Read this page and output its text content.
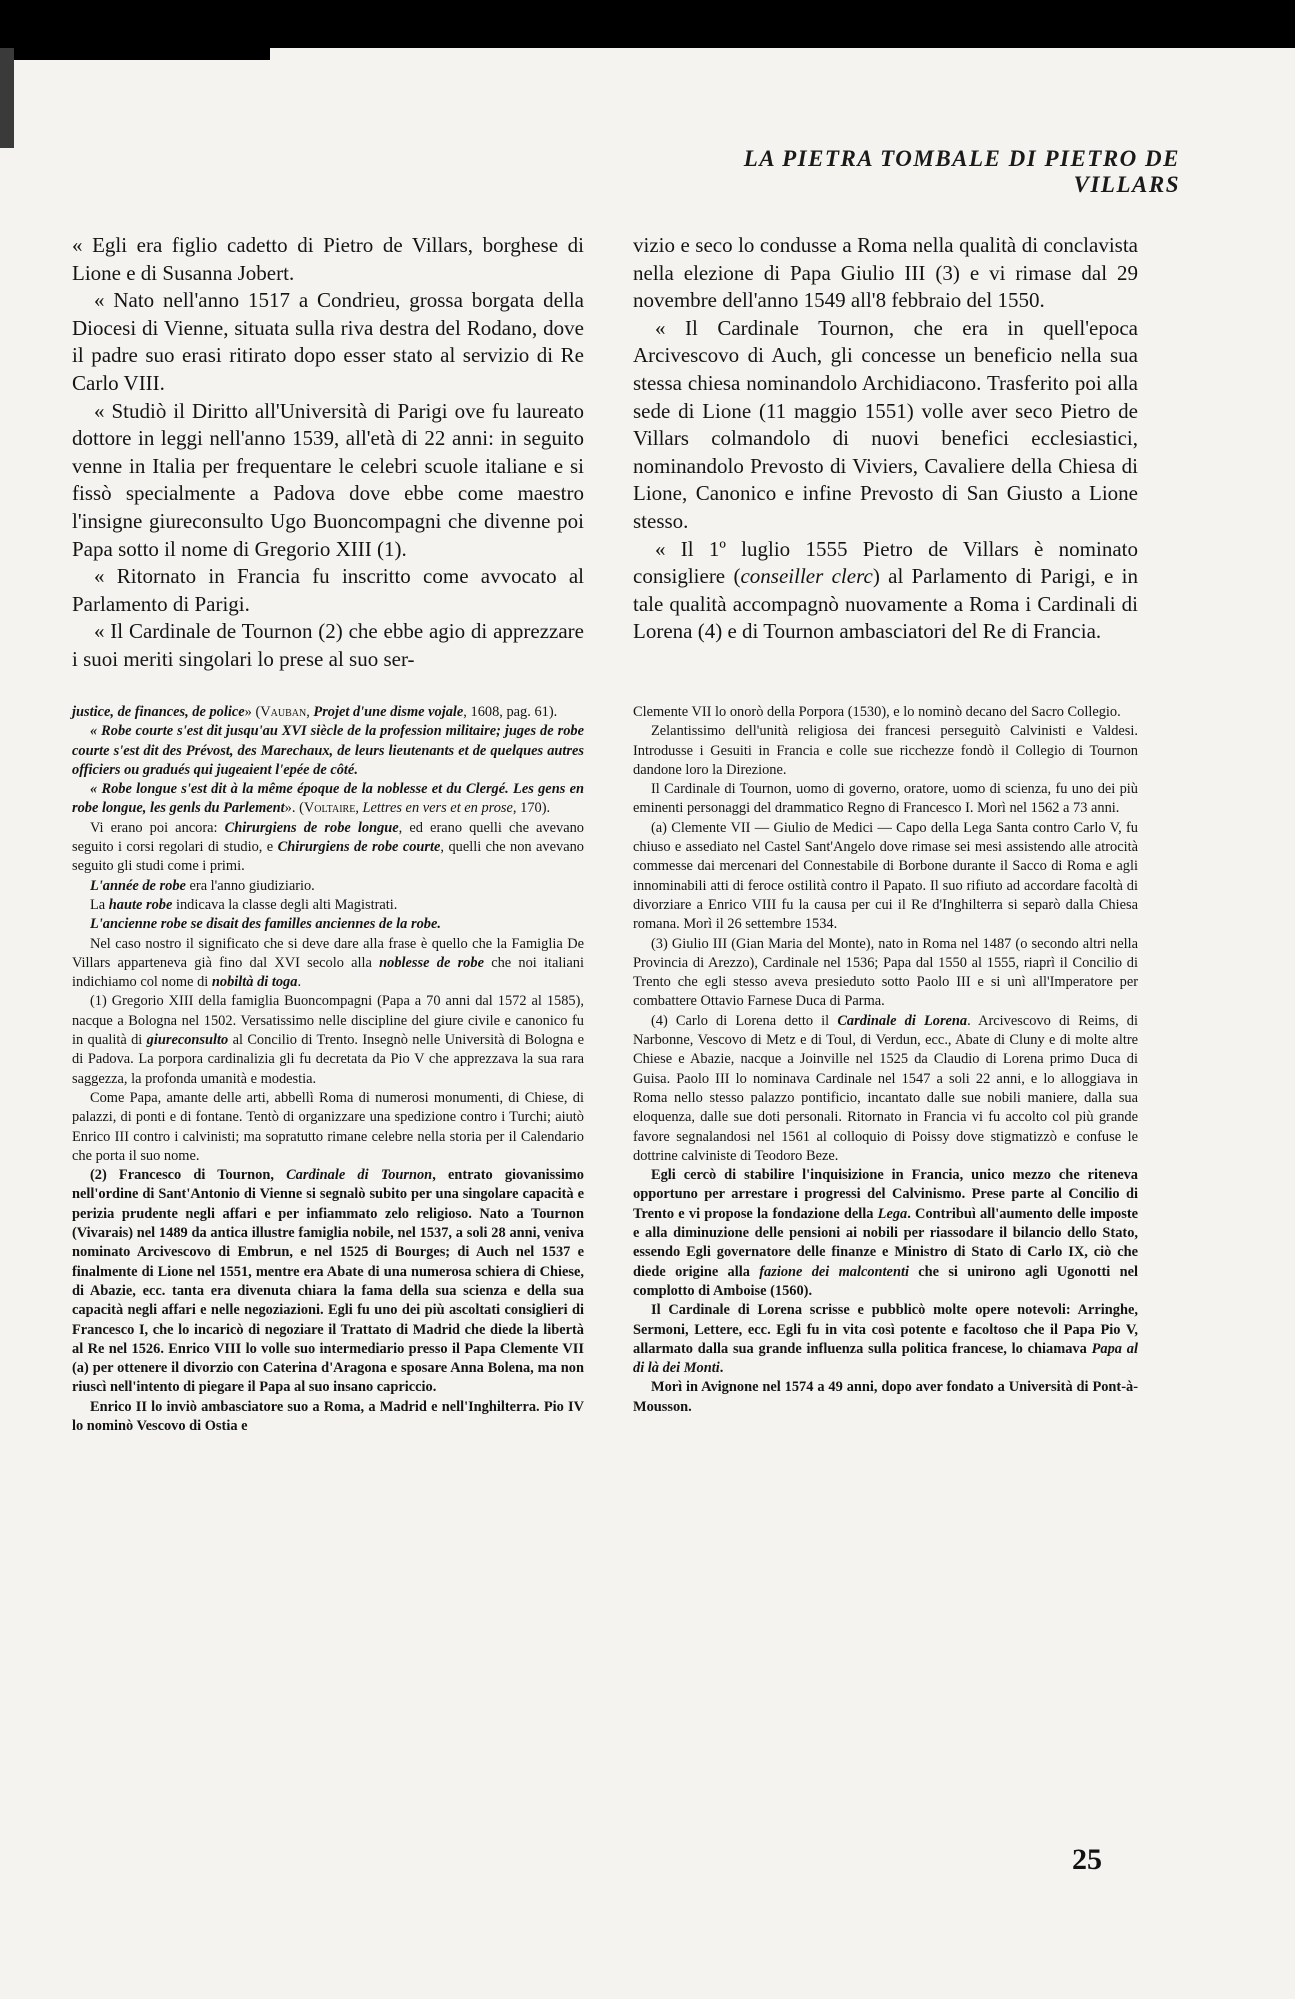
LA PIETRA TOMBALE DI PIETRO DE VILLARS

« Egli era figlio cadetto di Pietro de Villars, borghese di Lione e di Susanna Jobert.

« Nato nell'anno 1517 a Condrieu, grossa borgata della Diocesi di Vienne, situata sulla riva destra del Rodano, dove il padre suo erasi ritirato dopo esser stato al servizio di Re Carlo VIII.

« Studiò il Diritto all'Università di Parigi ove fu laureato dottore in leggi nell'anno 1539, all'età di 22 anni: in seguito venne in Italia per frequentare le celebri scuole italiane e si fissò specialmente a Padova dove ebbe come maestro l'insigne giureconsulto Ugo Buoncompagni che divenne poi Papa sotto il nome di Gregorio XIII (1).

« Ritornato in Francia fu inscritto come avvocato al Parlamento di Parigi.

« Il Cardinale de Tournon (2) che ebbe agio di apprezzare i suoi meriti singolari lo prese al suo ser-

vizio e seco lo condusse a Roma nella qualità di conclavista nella elezione di Papa Giulio III (3) e vi rimase dal 29 novembre dell'anno 1549 all'8 febbraio del 1550.

« Il Cardinale Tournon, che era in quell'epoca Arcivescovo di Auch, gli concesse un beneficio nella sua stessa chiesa nominandolo Archidiacono. Trasferito poi alla sede di Lione (11 maggio 1551) volle aver seco Pietro de Villars colmandolo di nuovi benefici ecclesiastici, nominandolo Prevosto di Viviers, Cavaliere della Chiesa di Lione, Canonico e infine Prevosto di San Giusto a Lione stesso.

« Il 1º luglio 1555 Pietro de Villars è nominato consigliere (conseiller clerc) al Parlamento di Parigi, e in tale qualità accompagnò nuovamente a Roma i Cardinali di Lorena (4) e di Tournon ambasciatori del Re di Francia.

justice, de finances, de police» (Vauban, Projet d'une disme vojale, 1608, pag. 61).

« Robe courte s'est dit jusqu'au XVI siècle de la profession militaire; juges de robe courte s'est dit des Prévost, des Marechaux, de leurs lieutenants et de quelques autres officiers ou gradués qui jugeaient l'epée de côté.

« Robe longue s'est dit à la même époque de la noblesse et du Clergé. Les gens en robe longue, les genls du Parlement». (Voltaire, Lettres en vers et en prose, 170).

Vi erano poi ancora: Chirurgiens de robe longue, ed erano quelli che avevano seguito i corsi regolari di studio, e Chirurgiens de robe courte, quelli che non avevano seguito gli studi come i primi.

L'année de robe era l'anno giudiziario.

La haute robe indicava la classe degli alti Magistrati.

L'ancienne robe se disait des familles anciennes de la robe.

Nel caso nostro il significato che si deve dare alla frase è quello che la Famiglia De Villars apparteneva già fino dal XVI secolo alla noblesse de robe che noi italiani indichiamo col nome di nobiltà di toga.

(1) Gregorio XIII della famiglia Buoncompagni (Papa a 70 anni dal 1572 al 1585), nacque a Bologna nel 1502. Versatissimo nelle discipline del giure civile e canonico fu in qualità di giureconsulto al Concilio di Trento. Insegnò nelle Università di Bologna e di Padova. La porpora cardinalizia gli fu decretata da Pio V che apprezzava la sua rara saggezza, la profonda umanità e modestia.

Come Papa, amante delle arti, abbellì Roma di numerosi monumenti, di Chiese, di palazzi, di ponti e di fontane. Tentò di organizzare una spedizione contro i Turchi; aiutò Enrico III contro i calvinisti; ma sopratutto rimane celebre nella storia per il Calendario che porta il suo nome.

(2) Francesco di Tournon, Cardinale di Tournon, entrato giovanissimo nell'ordine di Sant'Antonio di Vienne si segnalò subito per una singolare capacità e perizia prudente negli affari e per infiammato zelo religioso. Nato a Tournon (Vivarais) nel 1489 da antica illustre famiglia nobile, nel 1537, a soli 28 anni, veniva nominato Arcivescovo di Embrun, e nel 1525 di Bourges; di Auch nel 1537 e finalmente di Lione nel 1551, mentre era Abate di una numerosa schiera di Chiese, di Abazie, ecc. tanta era divenuta chiara la fama della sua scienza e della sua capacità negli affari e nelle negoziazioni. Egli fu uno dei più ascoltati consiglieri di Francesco I, che lo incaricò di negoziare il Trattato di Madrid che diede la libertà al Re nel 1526. Enrico VIII lo volle suo intermediario presso il Papa Clemente VII (a) per ottenere il divorzio con Caterina d'Aragona e sposare Anna Bolena, ma non riuscì nell'intento di piegare il Papa al suo insano capriccio.

Enrico II lo inviò ambasciatore suo a Roma, a Madrid e nell'Inghilterra. Pio IV lo nominò Vescovo di Ostia e

Clemente VII lo onorò della Porpora (1530), e lo nominò decano del Sacro Collegio.

Zelantissimo dell'unità religiosa dei francesi perseguitò Calvinisti e Valdesi. Introdusse i Gesuiti in Francia e colle sue ricchezze fondò il Collegio di Tournon dandone loro la Direzione.

Il Cardinale di Tournon, uomo di governo, oratore, uomo di scienza, fu uno dei più eminenti personaggi del drammatico Regno di Francesco I. Morì nel 1562 a 73 anni.

(a) Clemente VII — Giulio de Medici — Capo della Lega Santa contro Carlo V, fu chiuso e assediato nel Castel Sant'Angelo dove rimase sei mesi assistendo alle atrocità commesse dai mercenari del Connestabile di Borbone durante il Sacco di Roma e agli innominabili atti di feroce ostilità contro il Papato. Il suo rifiuto ad accordare facoltà di divorziare a Enrico VIII fu la causa per cui il Re d'Inghilterra si separò dalla Chiesa romana. Morì il 26 settembre 1534.

(3) Giulio III (Gian Maria del Monte), nato in Roma nel 1487 (o secondo altri nella Provincia di Arezzo), Cardinale nel 1536; Papa dal 1550 al 1555, riaprì il Concilio di Trento che egli stesso aveva presieduto sotto Paolo III e si unì all'Imperatore per combattere Ottavio Farnese Duca di Parma.

(4) Carlo di Lorena detto il Cardinale di Lorena. Arcivescovo di Reims, di Narbonne, Vescovo di Metz e di Toul, di Verdun, ecc., Abate di Cluny e di molte altre Chiese e Abazie, nacque a Joinville nel 1525 da Claudio di Lorena primo Duca di Guisa. Paolo III lo nominava Cardinale nel 1547 a soli 22 anni, e lo alloggiava in Roma nello stesso palazzo pontificio, incantato dalle sue nobili maniere, dalla sua eloquenza, dalle sue doti personali. Ritornato in Francia vi fu accolto col più grande favore segnalandosi nel 1561 al colloquio di Poissy dove stigmatizzò e confuse le dottrine calviniste di Teodoro Beze.

Egli cercò di stabilire l'inquisizione in Francia, unico mezzo che riteneva opportuno per arrestare i progressi del Calvinismo. Prese parte al Concilio di Trento e vi propose la fondazione della Lega. Contribuì all'aumento delle imposte e alla diminuzione delle pensioni ai nobili per riassodare il bilancio dello Stato, essendo Egli governatore delle finanze e Ministro di Stato di Carlo IX, ciò che diede origine alla fazione dei malcontenti che si unirono agli Ugonotti nel complotto di Amboise (1560).

Il Cardinale di Lorena scrisse e pubblicò molte opere notevoli: Arringhe, Sermoni, Lettere, ecc. Egli fu in vita così potente e facoltoso che il Papa Pio V, allarmato dalla sua grande influenza sulla politica francese, lo chiamava Papa al di là dei Monti.

Morì in Avignone nel 1574 a 49 anni, dopo aver fondato a Università di Pont-à-Mousson.

25
